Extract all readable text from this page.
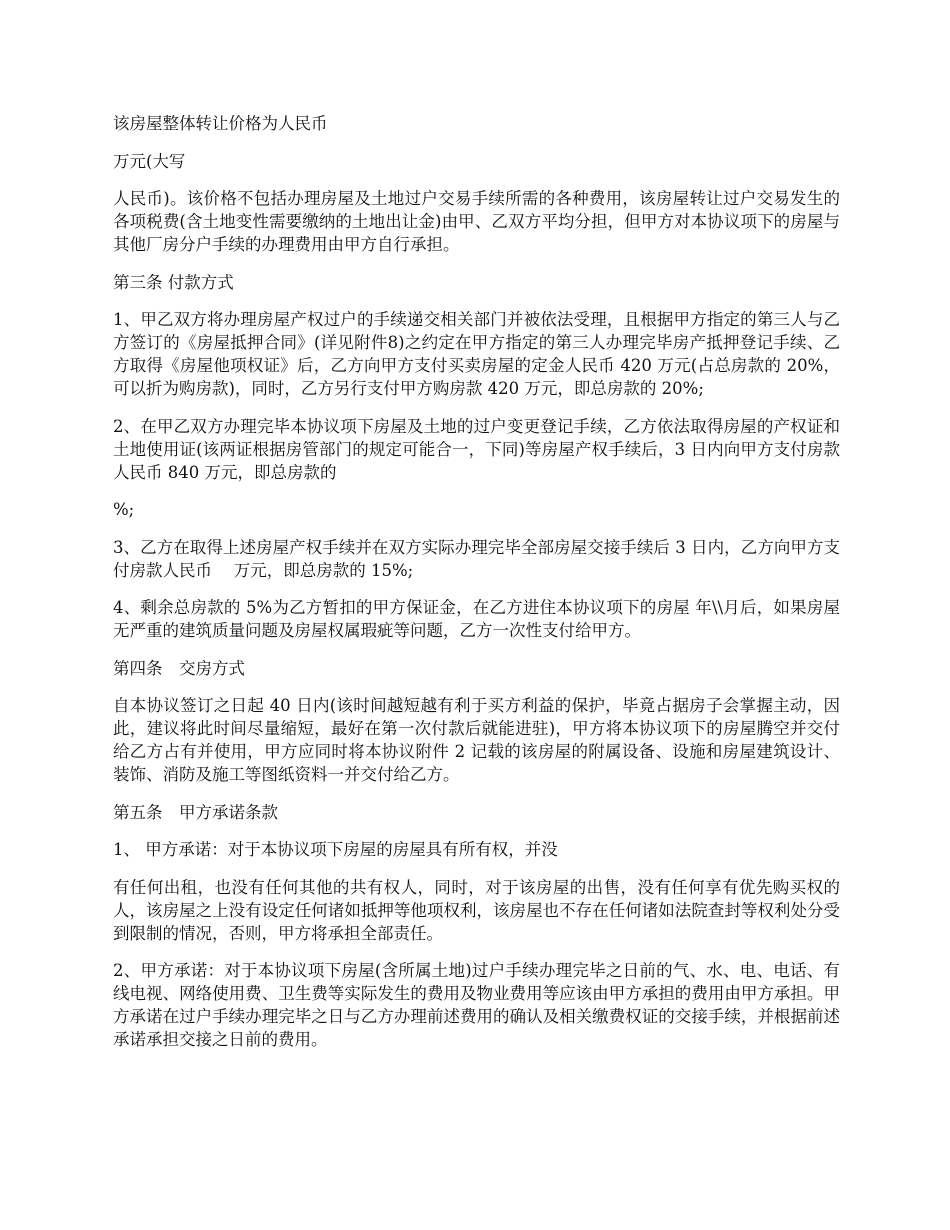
该房屋整体转让价格为人民币

万元(大写

人民币)。该价格不包括办理房屋及土地过户交易手续所需的各种费用，该房屋转让过户交易发生的各项税费(含土地变性需要缴纳的土地出让金)由甲、乙双方平均分担，但甲方对本协议项下的房屋与其他厂房分户手续的办理费用由甲方自行承担。

第三条 付款方式

1、甲乙双方将办理房屋产权过户的手续递交相关部门并被依法受理，且根据甲方指定的第三人与乙方签订的《房屋抵押合同》(详见附件8)之约定在甲方指定的第三人办理完毕房产抵押登记手续、乙方取得《房屋他项权证》后，乙方向甲方支付买卖房屋的定金人民币 420 万元(占总房款的 20%，可以折为购房款)，同时，乙方另行支付甲方购房款 420 万元，即总房款的 20%;

2、在甲乙双方办理完毕本协议项下房屋及土地的过户变更登记手续，乙方依法取得房屋的产权证和土地使用证(该两证根据房管部门的规定可能合一，下同)等房屋产权手续后，3 日内向甲方支付房款人民币 840 万元，即总房款的

%;

3、乙方在取得上述房屋产权手续并在双方实际办理完毕全部房屋交接手续后 3 日内，乙方向甲方支付房款人民币　 万元，即总房款的 15%;

4、剩余总房款的 5%为乙方暂扣的甲方保证金，在乙方进住本协议项下的房屋 年\\月后，如果房屋无严重的建筑质量问题及房屋权属瑕疵等问题，乙方一次性支付给甲方。

第四条　交房方式

自本协议签订之日起 40 日内(该时间越短越有利于买方利益的保护，毕竟占据房子会掌握主动，因此，建议将此时间尽量缩短，最好在第一次付款后就能进驻)，甲方将本协议项下的房屋腾空并交付给乙方占有并使用，甲方应同时将本协议附件 2 记载的该房屋的附属设备、设施和房屋建筑设计、装饰、消防及施工等图纸资料一并交付给乙方。

第五条　甲方承诺条款

1、 甲方承诺：对于本协议项下房屋的房屋具有所有权，并没

有任何出租，也没有任何其他的共有权人，同时，对于该房屋的出售，没有任何享有优先购买权的人，该房屋之上没有设定任何诸如抵押等他项权利，该房屋也不存在任何诸如法院查封等权利处分受到限制的情况，否则，甲方将承担全部责任。

2、甲方承诺：对于本协议项下房屋(含所属土地)过户手续办理完毕之日前的气、水、电、电话、有线电视、网络使用费、卫生费等实际发生的费用及物业费用等应该由甲方承担的费用由甲方承担。甲方承诺在过户手续办理完毕之日与乙方办理前述费用的确认及相关缴费权证的交接手续，并根据前述承诺承担交接之日前的费用。
